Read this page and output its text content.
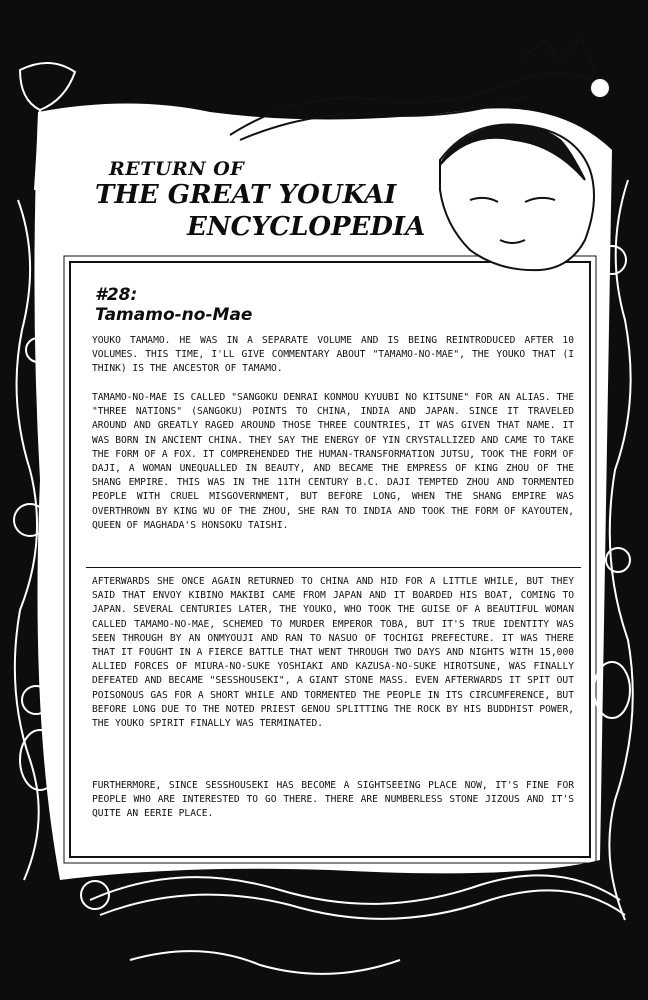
RETURN OF
THE GREAT YOUKAI
ENCYCLOPEDIA
#28:
Tamamo-no-Mae
YOUKO TAMAMO. HE WAS IN A SEPARATE VOLUME AND IS BEING REINTRODUCED AFTER 10 VOLUMES. THIS TIME, I'LL GIVE COMMENTARY ABOUT "TAMAMO-NO-MAE", THE YOUKO THAT (I THINK) IS THE ANCESTOR OF TAMAMO.
TAMAMO-NO-MAE IS CALLED "SANGOKU DENRAI KONMOU KYUUBI NO KITSUNE" FOR AN ALIAS. THE "THREE NATIONS" (SANGOKU) POINTS TO CHINA, INDIA AND JAPAN. SINCE IT TRAVELED AROUND AND GREATLY RAGED AROUND THOSE THREE COUNTRIES, IT WAS GIVEN THAT NAME. IT WAS BORN IN ANCIENT CHINA. THEY SAY THE ENERGY OF YIN CRYSTALLIZED AND CAME TO TAKE THE FORM OF A FOX. IT COMPREHENDED THE HUMAN-TRANSFORMATION JUTSU, TOOK THE FORM OF DAJI, A WOMAN UNEQUALLED IN BEAUTY, AND BECAME THE EMPRESS OF KING ZHOU OF THE SHANG EMPIRE. THIS WAS IN THE 11TH CENTURY B.C. DAJI TEMPTED ZHOU AND TORMENTED PEOPLE WITH CRUEL MISGOVERNMENT, BUT BEFORE LONG, WHEN THE SHANG EMPIRE WAS OVERTHROWN BY KING WU OF THE ZHOU, SHE RAN TO INDIA AND TOOK THE FORM OF KAYOUTEN, QUEEN OF MAGHADA'S HONSOKU TAISHI.
AFTERWARDS SHE ONCE AGAIN RETURNED TO CHINA AND HID FOR A LITTLE WHILE, BUT THEY SAID THAT ENVOY KIBINO MAKIBI CAME FROM JAPAN AND IT BOARDED HIS BOAT, COMING TO JAPAN. SEVERAL CENTURIES LATER, THE YOUKO, WHO TOOK THE GUISE OF A BEAUTIFUL WOMAN CALLED TAMAMO-NO-MAE, SCHEMED TO MURDER EMPEROR TOBA, BUT IT'S TRUE IDENTITY WAS SEEN THROUGH BY AN ONMYOUJI AND RAN TO NASUO OF TOCHIGI PREFECTURE. IT WAS THERE THAT IT FOUGHT IN A FIERCE BATTLE THAT WENT THROUGH TWO DAYS AND NIGHTS WITH 15,000 ALLIED FORCES OF MIURA-NO-SUKE YOSHIAKI AND KAZUSA-NO-SUKE HIROTSUNE, WAS FINALLY DEFEATED AND BECAME "SESSHOUSEKI", A GIANT STONE MASS. EVEN AFTERWARDS IT SPIT OUT POISONOUS GAS FOR A SHORT WHILE AND TORMENTED THE PEOPLE IN ITS CIRCUMFERENCE, BUT BEFORE LONG DUE TO THE NOTED PRIEST GENOU SPLITTING THE ROCK BY HIS BUDDHIST POWER, THE YOUKO SPIRIT FINALLY WAS TERMINATED.
FURTHERMORE, SINCE SESSHOUSEKI HAS BECOME A SIGHTSEEING PLACE NOW, IT'S FINE FOR PEOPLE WHO ARE INTERESTED TO GO THERE. THERE ARE NUMBERLESS STONE JIZOUS AND IT'S QUITE AN EERIE PLACE.
